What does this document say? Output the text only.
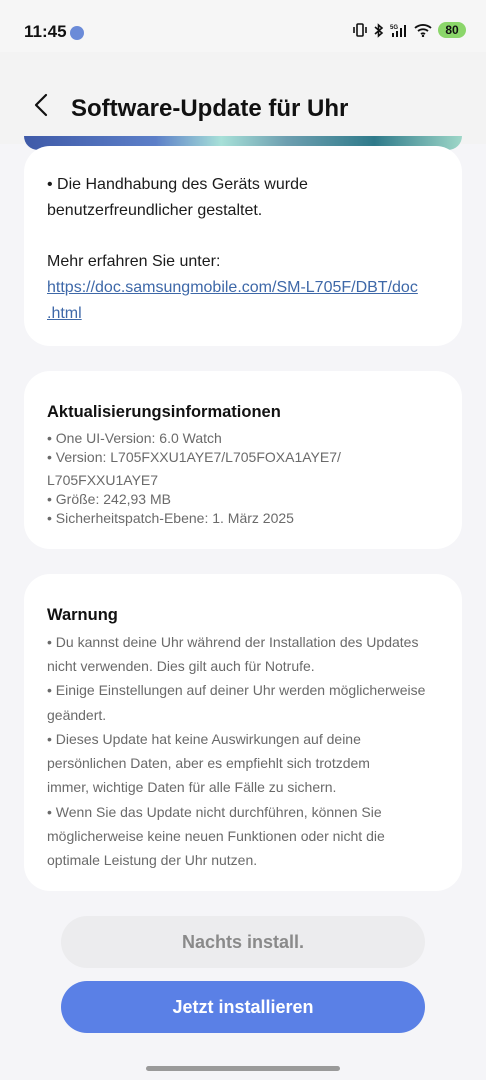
11:45	5G	80
Software-Update für Uhr
• Die Handhabung des Geräts wurde
benutzerfreundlicher gestaltet.
Mehr erfahren Sie unter:
https://doc.samsungmobile.com/SM-L705F/DBT/doc
.html
Aktualisierungsinformationen
• One UI-Version: 6.0 Watch
• Version: L705FXXU1AYE7/L705FOXA1AYE7/
L705FXXU1AYE7
• Größe: 242,93 MB
• Sicherheitspatch-Ebene: 1. März 2025
Warnung
• Du kannst deine Uhr während der Installation des Updates
nicht verwenden. Dies gilt auch für Notrufe.
• Einige Einstellungen auf deiner Uhr werden möglicherweise
geändert.
• Dieses Update hat keine Auswirkungen auf deine
persönlichen Daten, aber es empfiehlt sich trotzdem
immer, wichtige Daten für alle Fälle zu sichern.
• Wenn Sie das Update nicht durchführen, können Sie
möglicherweise keine neuen Funktionen oder nicht die
optimale Leistung der Uhr nutzen.
Nachts install.
Jetzt installieren
